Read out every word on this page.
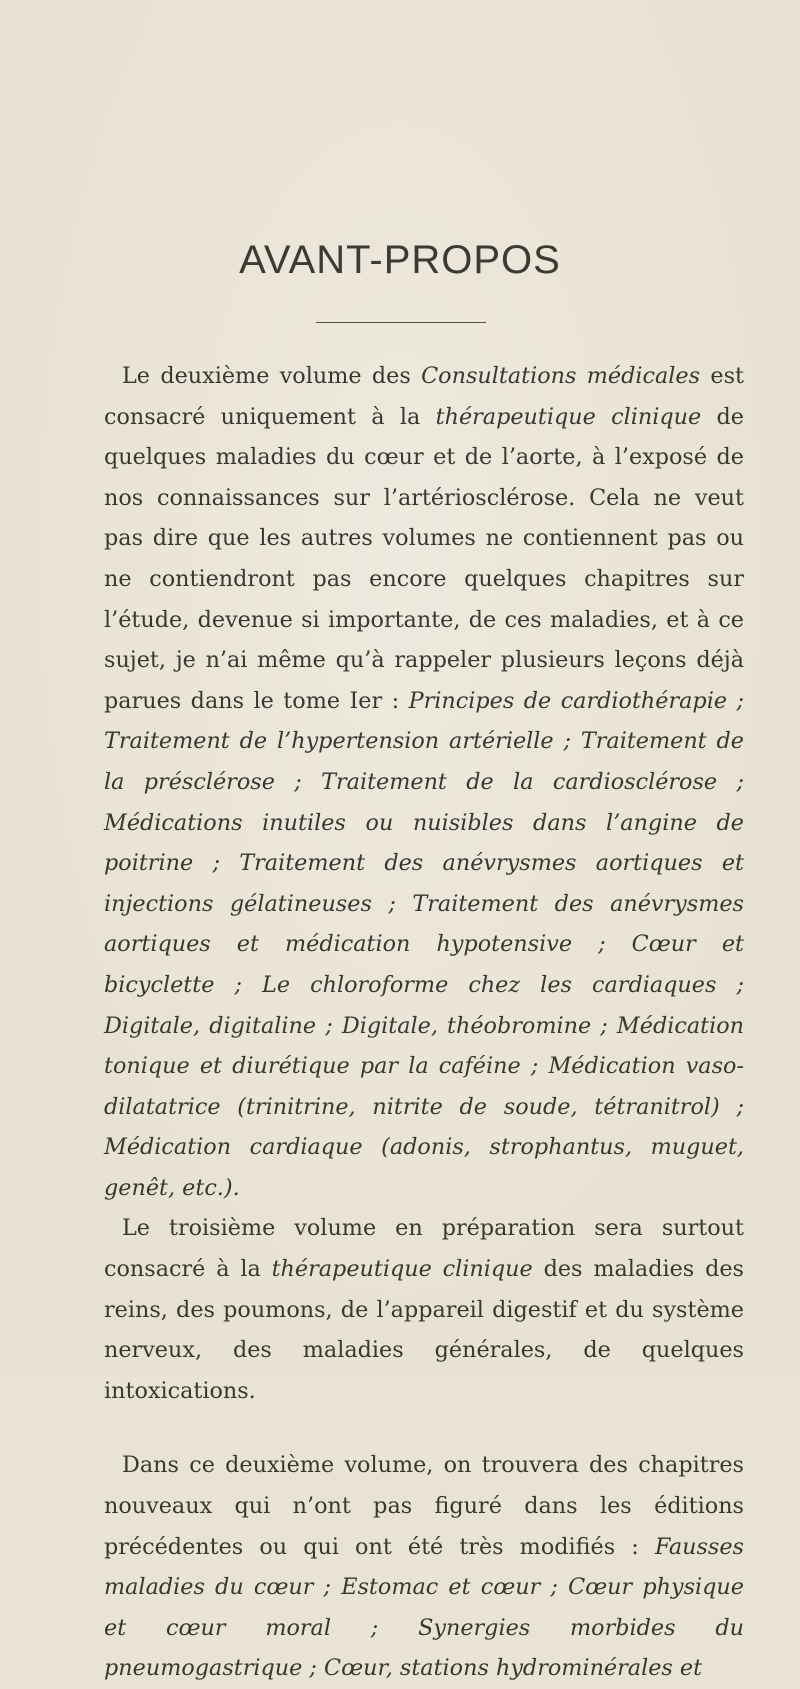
AVANT-PROPOS

Le deuxième volume des Consultations médicales est consacré uniquement à la thérapeutique clinique de quelques maladies du cœur et de l’aorte, à l’exposé de nos connaissances sur l’artériosclérose. Cela ne veut pas dire que les autres volumes ne contiennent pas ou ne contiendront pas encore quelques chapitres sur l’étude, devenue si importante, de ces maladies, et à ce sujet, je n’ai même qu’à rappeler plusieurs leçons déjà parues dans le tome Ier : Principes de cardiothérapie ; Traitement de l’hypertension artérielle ; Traitement de la présclérose ; Traitement de la cardiosclérose ; Médications inutiles ou nuisibles dans l’angine de poitrine ; Traitement des anévrysmes aortiques et injections gélatineuses ; Traitement des anévrysmes aortiques et médication hypotensive ; Cœur et bicyclette ; Le chloroforme chez les cardiaques ; Digitale, digitaline ; Digitale, théobromine ; Médication tonique et diurétique par la caféine ; Médication vaso-dilatatrice (trinitrine, nitrite de soude, tétranitrol) ; Médication cardiaque (adonis, strophantus, muguet, genêt, etc.).

Le troisième volume en préparation sera surtout consacré à la thérapeutique clinique des maladies des reins, des poumons, de l’appareil digestif et du système nerveux, des maladies générales, de quelques intoxications.

Dans ce deuxième volume, on trouvera des chapitres nouveaux qui n’ont pas figuré dans les éditions précédentes ou qui ont été très modifiés : Fausses maladies du cœur ; Estomac et cœur ; Cœur physique et cœur moral ; Synergies morbides du pneumogastrique ; Cœur, stations hydrominérales et
